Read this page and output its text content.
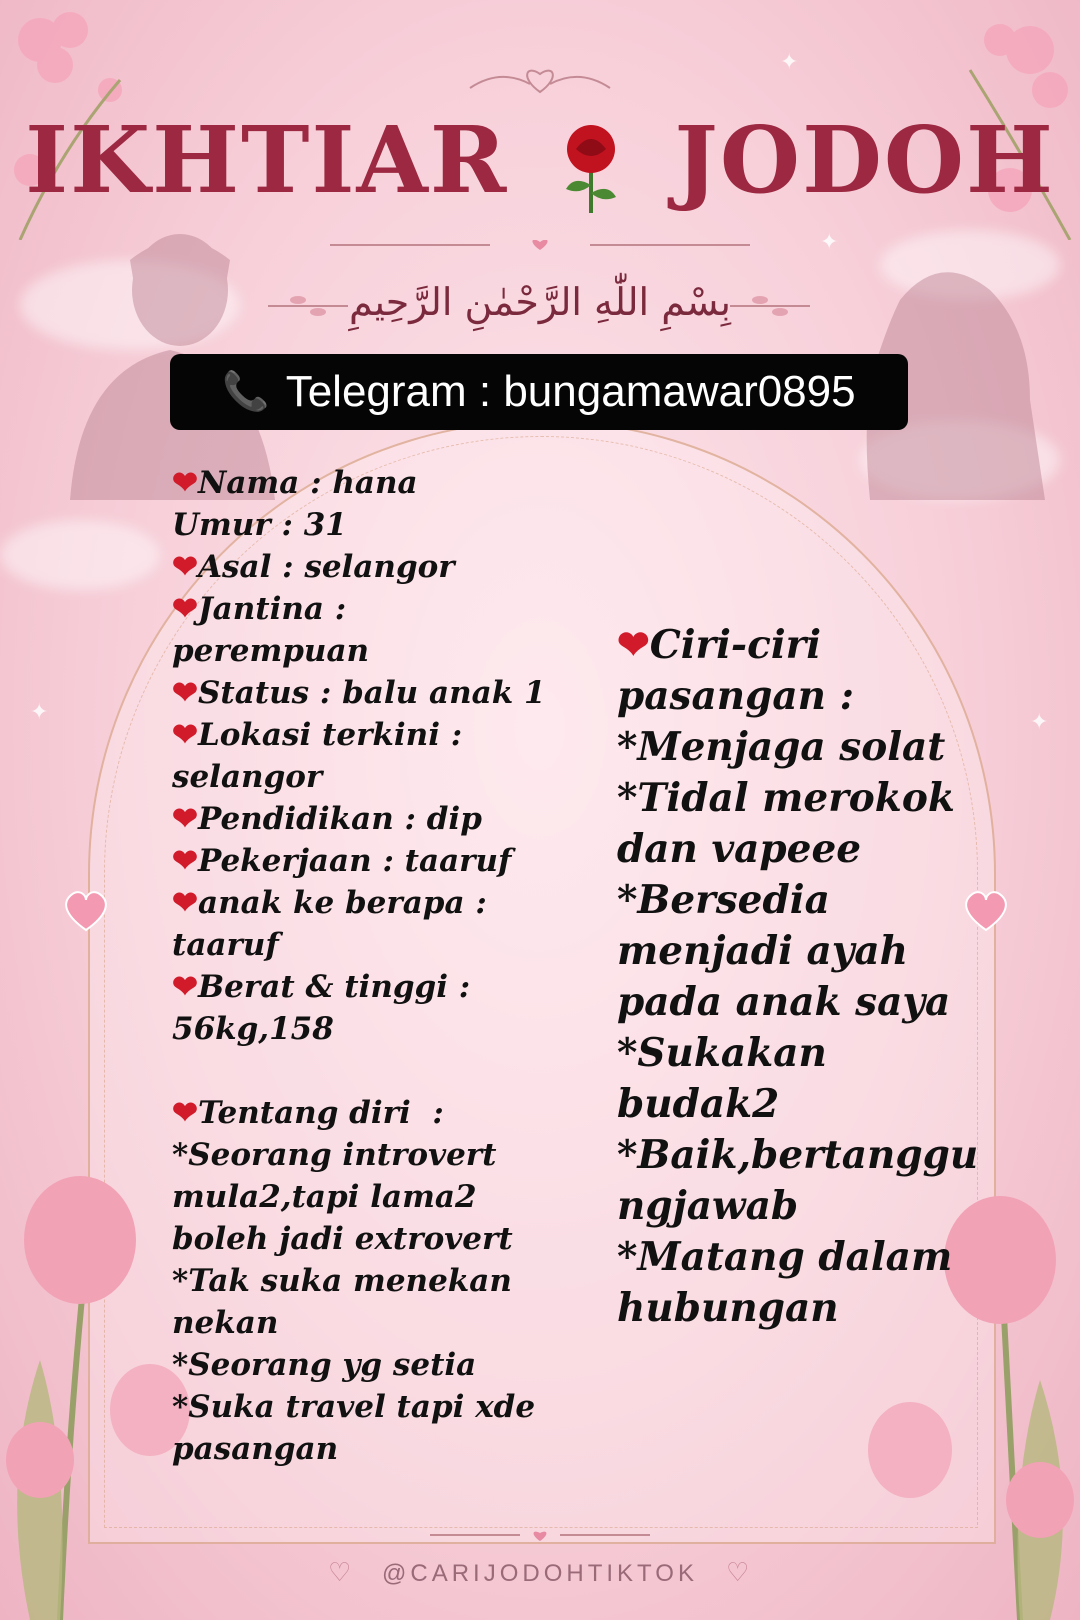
✦
✦	✦
✦
IKHTIAR JODOH
بِسْمِ اللّٰهِ الرَّحْمٰنِ الرَّحِيمِ
📞 Telegram : bungamawar0895
❤Nama : hana
Umur : 31
❤Asal : selangor
❤Jantina :
perempuan
❤Status : balu anak 1
❤Lokasi terkini :
selangor
❤Pendidikan : dip
❤Pekerjaan : taaruf
❤anak ke berapa :
taaruf
❤Berat & tinggi :
56kg,158
❤Tentang diri  :
*Seorang introvert
mula2,tapi lama2
boleh jadi extrovert
*Tak suka menekan
nekan
*Seorang yg setia
*Suka travel tapi xde
pasangan
❤Ciri-ciri
pasangan :
*Menjaga solat
*Tidal merokok
dan vapeee
*Bersedia
menjadi ayah
pada anak saya
*Sukakan
budak2
*Baik,bertanggu
ngjawab
*Matang dalam
hubungan
♡	@CARIJODOHTIKTOK	♡
